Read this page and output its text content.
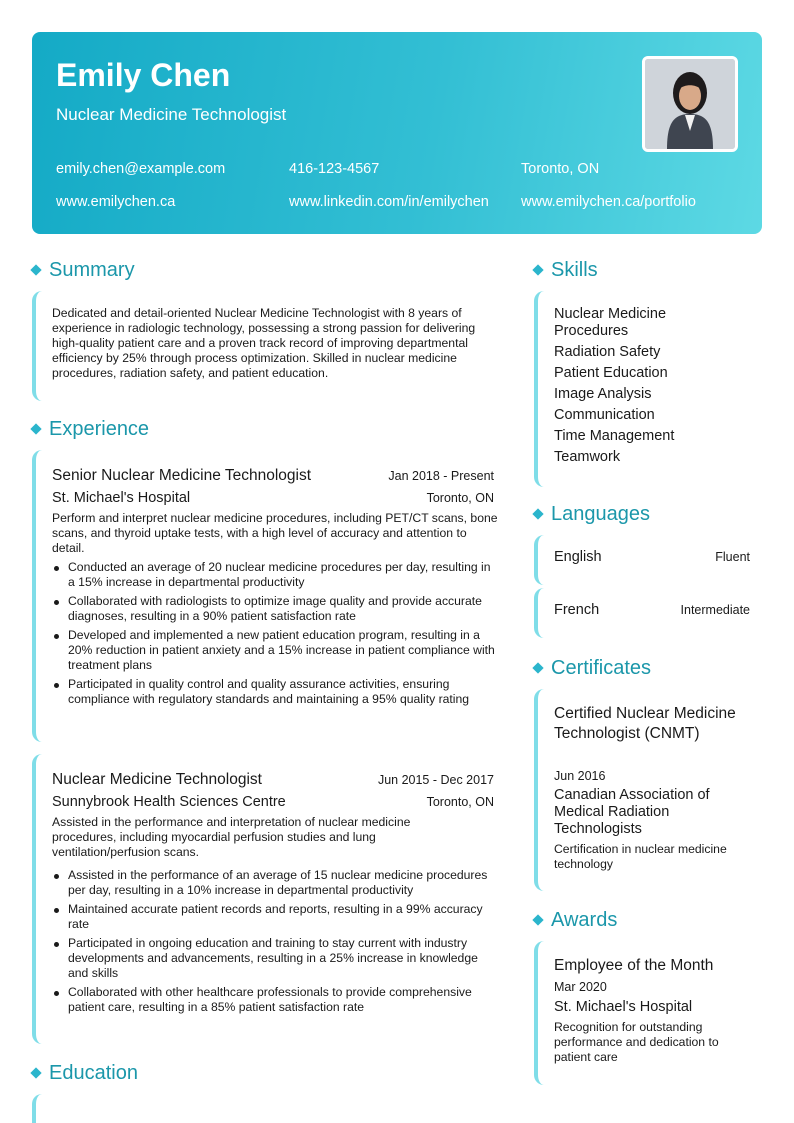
Emily Chen
Nuclear Medicine Technologist
emily.chen@example.com	416-123-4567	Toronto, ON
www.emilychen.ca	www.linkedin.com/in/emilychen www.emilychen.ca/portfolio
Summary
Dedicated and detail-oriented Nuclear Medicine Technologist with 8 years of experience in radiologic technology, possessing a strong passion for delivering high-quality patient care and a proven track record of improving departmental efficiency by 25% through process optimization. Skilled in nuclear medicine procedures, radiation safety, and patient education.
Experience
Senior Nuclear Medicine Technologist	Jan 2018 - Present
St. Michael's Hospital	Toronto, ON
Perform and interpret nuclear medicine procedures, including PET/CT scans, bone scans, and thyroid uptake tests, with a high level of accuracy and attention to detail.
Conducted an average of 20 nuclear medicine procedures per day, resulting in a 15% increase in departmental productivity
Collaborated with radiologists to optimize image quality and provide accurate diagnoses, resulting in a 90% patient satisfaction rate
Developed and implemented a new patient education program, resulting in a 20% reduction in patient anxiety and a 15% increase in patient compliance with treatment plans
Participated in quality control and quality assurance activities, ensuring compliance with regulatory standards and maintaining a 95% quality rating
Nuclear Medicine Technologist	Jun 2015 - Dec 2017
Sunnybrook Health Sciences Centre	Toronto, ON
Assisted in the performance and interpretation of nuclear medicine procedures, including myocardial perfusion studies and lung ventilation/perfusion scans.
Assisted in the performance of an average of 15 nuclear medicine procedures per day, resulting in a 10% increase in departmental productivity
Maintained accurate patient records and reports, resulting in a 99% accuracy rate
Participated in ongoing education and training to stay current with industry developments and advancements, resulting in a 25% increase in knowledge and skills
Collaborated with other healthcare professionals to provide comprehensive patient care, resulting in a 85% patient satisfaction rate
Education
Skills
Nuclear Medicine Procedures
Radiation Safety
Patient Education
Image Analysis
Communication
Time Management
Teamwork
Languages
English	Fluent
French	Intermediate
Certificates
Certified Nuclear Medicine Technologist (CNMT)
Jun 2016
Canadian Association of Medical Radiation Technologists
Certification in nuclear medicine technology
Awards
Employee of the Month
Mar 2020
St. Michael's Hospital
Recognition for outstanding performance and dedication to patient care
